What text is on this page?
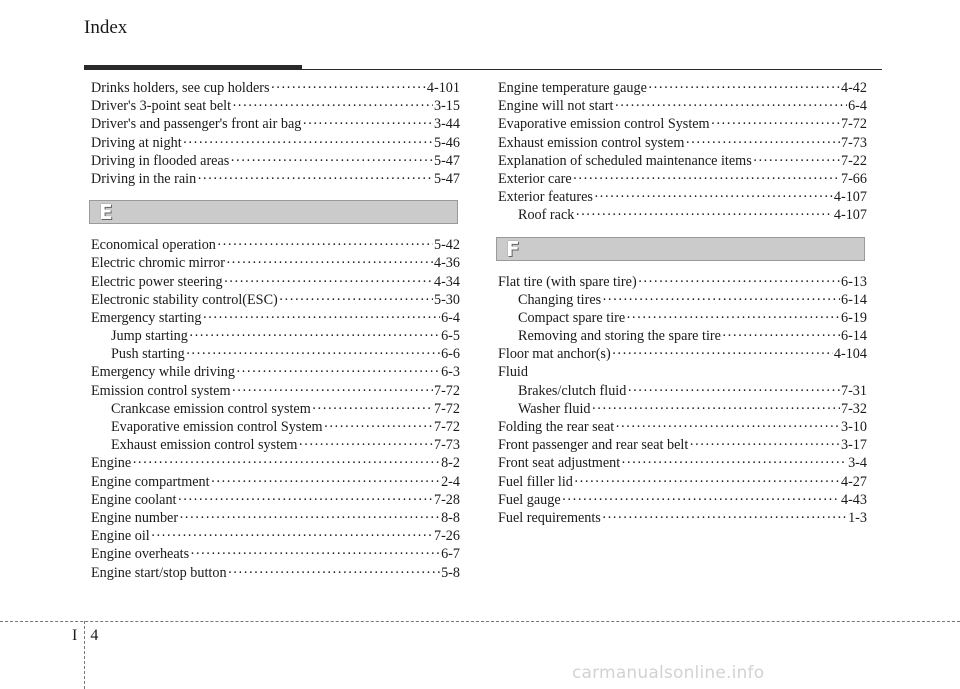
Index
Drinks holders, see cup holders ·····	4-101
Driver's 3-point seat belt ·····	3-15
Driver's and passenger's front air bag ·····	3-44
Driving at night ·····	5-46
Driving in flooded areas ·····	5-47
Driving in the rain ·····	5-47
E
Economical operation ·····	5-42
Electric chromic mirror ·····	4-36
Electric power steering ·····	4-34
Electronic stability control(ESC) ·····	5-30
Emergency starting ·····	6-4
Jump starting ·····	6-5
Push starting ·····	6-6
Emergency while driving ·····	6-3
Emission control system ·····	7-72
Crankcase emission control system ·····	7-72
Evaporative emission control System ·····	7-72
Exhaust emission control system ·····	7-73
Engine ·····	8-2
Engine compartment ·····	2-4
Engine coolant ·····	7-28
Engine number ·····	8-8
Engine oil ·····	7-26
Engine overheats ·····	6-7
Engine start/stop button ·····	5-8
Engine temperature gauge ·····	4-42
Engine will not start ·····	6-4
Evaporative emission control System ·····	7-72
Exhaust emission control system ·····	7-73
Explanation of scheduled maintenance items ·····	7-22
Exterior care ·····	7-66
Exterior features ·····	4-107
Roof rack ·····	4-107
F
Flat tire (with spare tire) ·····	6-13
Changing tires ·····	6-14
Compact spare tire ·····	6-19
Removing and storing the spare tire ·····	6-14
Floor mat anchor(s) ·····	4-104
Fluid
Brakes/clutch fluid ·····	7-31
Washer fluid ·····	7-32
Folding the rear seat ·····	3-10
Front passenger and rear seat belt ·····	3-17
Front seat adjustment ·····	3-4
Fuel filler lid ·····	4-27
Fuel gauge ·····	4-43
Fuel requirements ·····	1-3
I 4
carmanualsonline.info
